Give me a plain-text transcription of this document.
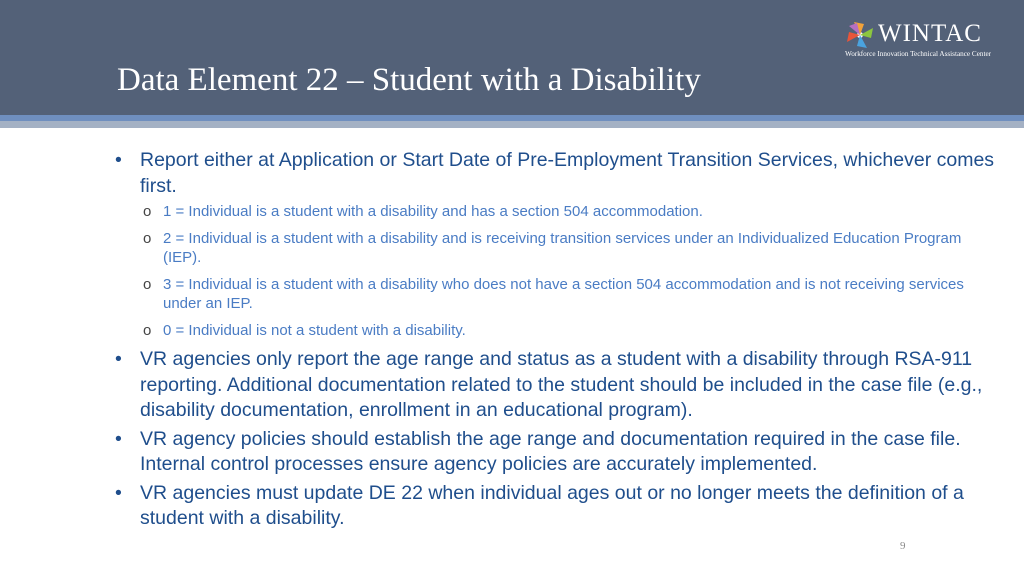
Data Element 22 – Student with a Disability
WINTAC
Workforce Innovation Technical Assistance Center
• Report either at Application or Start Date of Pre-Employment Transition Services, whichever comes first.
o 1 = Individual is a student with a disability and has a section 504 accommodation.
o 2 = Individual is a student with a disability and is receiving transition services under an Individualized Education Program (IEP).
o 3 = Individual is a student with a disability who does not have a section 504 accommodation and is not receiving services under an IEP.
o 0 = Individual is not a student with a disability.
• VR agencies only report the age range and status as a student with a disability through RSA-911 reporting. Additional documentation related to the student should be included in the case file (e.g., disability documentation, enrollment in an educational program).
• VR agency policies should establish the age range and documentation required in the case file. Internal control processes ensure agency policies are accurately implemented.
• VR agencies must update DE 22 when individual ages out or no longer meets the definition of a student with a disability.
9
